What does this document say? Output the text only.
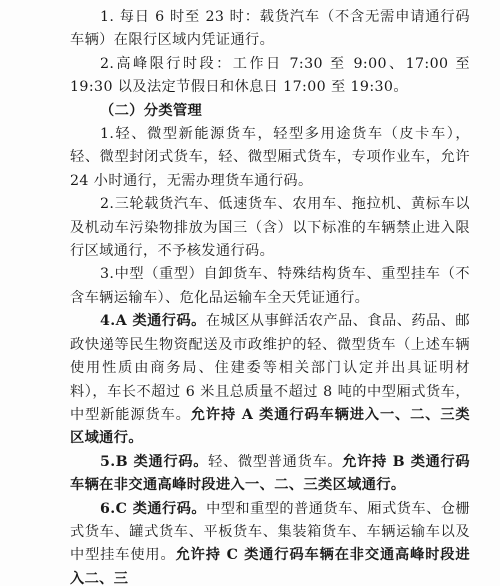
1. 每日 6 时至 23 时：载货汽车（不含无需申请通行码车辆）在限行区域内凭证通行。

2.高峰限行时段：工作日 7:30 至 9:00、17:00 至 19:30 以及法定节假日和休息日 17:00 至 19:30。

（二）分类管理

1.轻、微型新能源货车，轻型多用途货车（皮卡车），轻、微型封闭式货车，轻、微型厢式货车，专项作业车，允许 24 小时通行，无需办理货车通行码。

2.三轮载货汽车、低速货车、农用车、拖拉机、黄标车以及机动车污染物排放为国三（含）以下标准的车辆禁止进入限行区域通行，不予核发通行码。

3.中型（重型）自卸货车、特殊结构货车、重型挂车（不含车辆运输车）、危化品运输车全天凭证通行。

4.A 类通行码。在城区从事鲜活农产品、食品、药品、邮政快递等民生物资配送及市政维护的轻、微型货车（上述车辆使用性质由商务局、住建委等相关部门认定并出具证明材料），车长不超过 6 米且总质量不超过 8 吨的中型厢式货车，中型新能源货车。允许持 A 类通行码车辆进入一、二、三类区域通行。

5.B 类通行码。轻、微型普通货车。允许持 B 类通行码车辆在非交通高峰时段进入一、二、三类区域通行。

6.C 类通行码。中型和重型的普通货车、厢式货车、仓栅式货车、罐式货车、平板货车、集装箱货车、车辆运输车以及中型挂车使用。允许持 C 类通行码车辆在非交通高峰时段进入二、三
